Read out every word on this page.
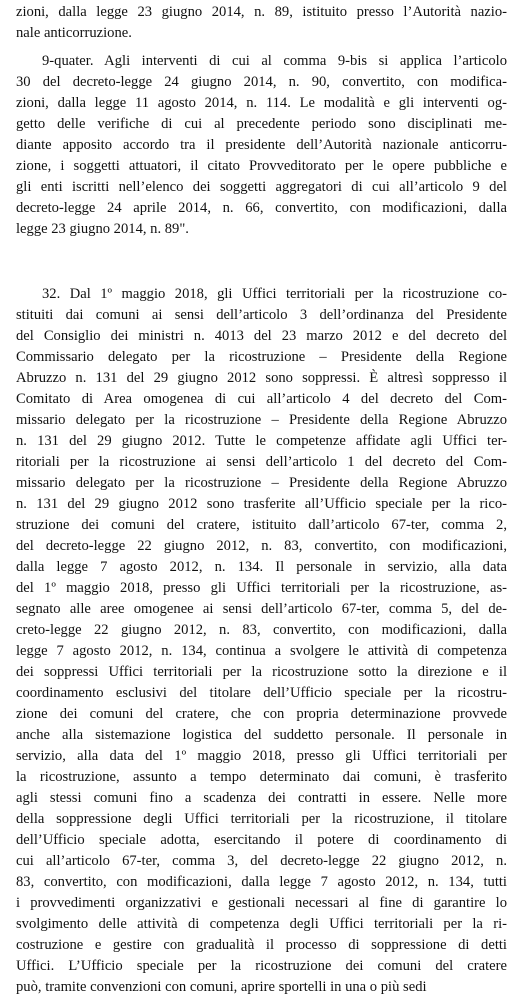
zioni, dalla legge 23 giugno 2014, n. 89, istituito presso l’Autorità nazio-
nale anticorruzione.
9-quater. Agli interventi di cui al comma 9-bis si applica l’articolo
30 del decreto-legge 24 giugno 2014, n. 90, convertito, con modifica-
zioni, dalla legge 11 agosto 2014, n. 114. Le modalità e gli interventi og-
getto delle verifiche di cui al precedente periodo sono disciplinati me-
diante apposito accordo tra il presidente dell’Autorità nazionale anticorru-
zione, i soggetti attuatori, il citato Provveditorato per le opere pubbliche e
gli enti iscritti nell’elenco dei soggetti aggregatori di cui all’articolo 9 del
decreto-legge 24 aprile 2014, n. 66, convertito, con modificazioni, dalla
legge 23 giugno 2014, n. 89".
32. Dal 1º maggio 2018, gli Uffici territoriali per la ricostruzione co-
stituiti dai comuni ai sensi dell’articolo 3 dell’ordinanza del Presidente
del Consiglio dei ministri n. 4013 del 23 marzo 2012 e del decreto del
Commissario delegato per la ricostruzione – Presidente della Regione
Abruzzo n. 131 del 29 giugno 2012 sono soppressi. È altresì soppresso il
Comitato di Area omogenea di cui all’articolo 4 del decreto del Com-
missario delegato per la ricostruzione – Presidente della Regione Abruzzo
n. 131 del 29 giugno 2012. Tutte le competenze affidate agli Uffici ter-
ritoriali per la ricostruzione ai sensi dell’articolo 1 del decreto del Com-
missario delegato per la ricostruzione – Presidente della Regione Abruzzo
n. 131 del 29 giugno 2012 sono trasferite all’Ufficio speciale per la rico-
struzione dei comuni del cratere, istituito dall’articolo 67-ter, comma 2,
del decreto-legge 22 giugno 2012, n. 83, convertito, con modificazioni,
dalla legge 7 agosto 2012, n. 134. Il personale in servizio, alla data
del 1º maggio 2018, presso gli Uffici territoriali per la ricostruzione, as-
segnato alle aree omogenee ai sensi dell’articolo 67-ter, comma 5, del de-
creto-legge 22 giugno 2012, n. 83, convertito, con modificazioni, dalla
legge 7 agosto 2012, n. 134, continua a svolgere le attività di competenza
dei soppressi Uffici territoriali per la ricostruzione sotto la direzione e il
coordinamento esclusivi del titolare dell’Ufficio speciale per la ricostru-
zione dei comuni del cratere, che con propria determinazione provvede
anche alla sistemazione logistica del suddetto personale. Il personale in
servizio, alla data del 1º maggio 2018, presso gli Uffici territoriali per
la ricostruzione, assunto a tempo determinato dai comuni, è trasferito
agli stessi comuni fino a scadenza dei contratti in essere. Nelle more
della soppressione degli Uffici territoriali per la ricostruzione, il titolare
dell’Ufficio speciale adotta, esercitando il potere di coordinamento di
cui all’articolo 67-ter, comma 3, del decreto-legge 22 giugno 2012, n.
83, convertito, con modificazioni, dalla legge 7 agosto 2012, n. 134, tutti
i provvedimenti organizzativi e gestionali necessari al fine di garantire lo
svolgimento delle attività di competenza degli Uffici territoriali per la ri-
costruzione e gestire con gradualità il processo di soppressione di detti
Uffici. L’Ufficio speciale per la ricostruzione dei comuni del cratere
può, tramite convenzioni con comuni, aprire sportelli in una o più sedi
